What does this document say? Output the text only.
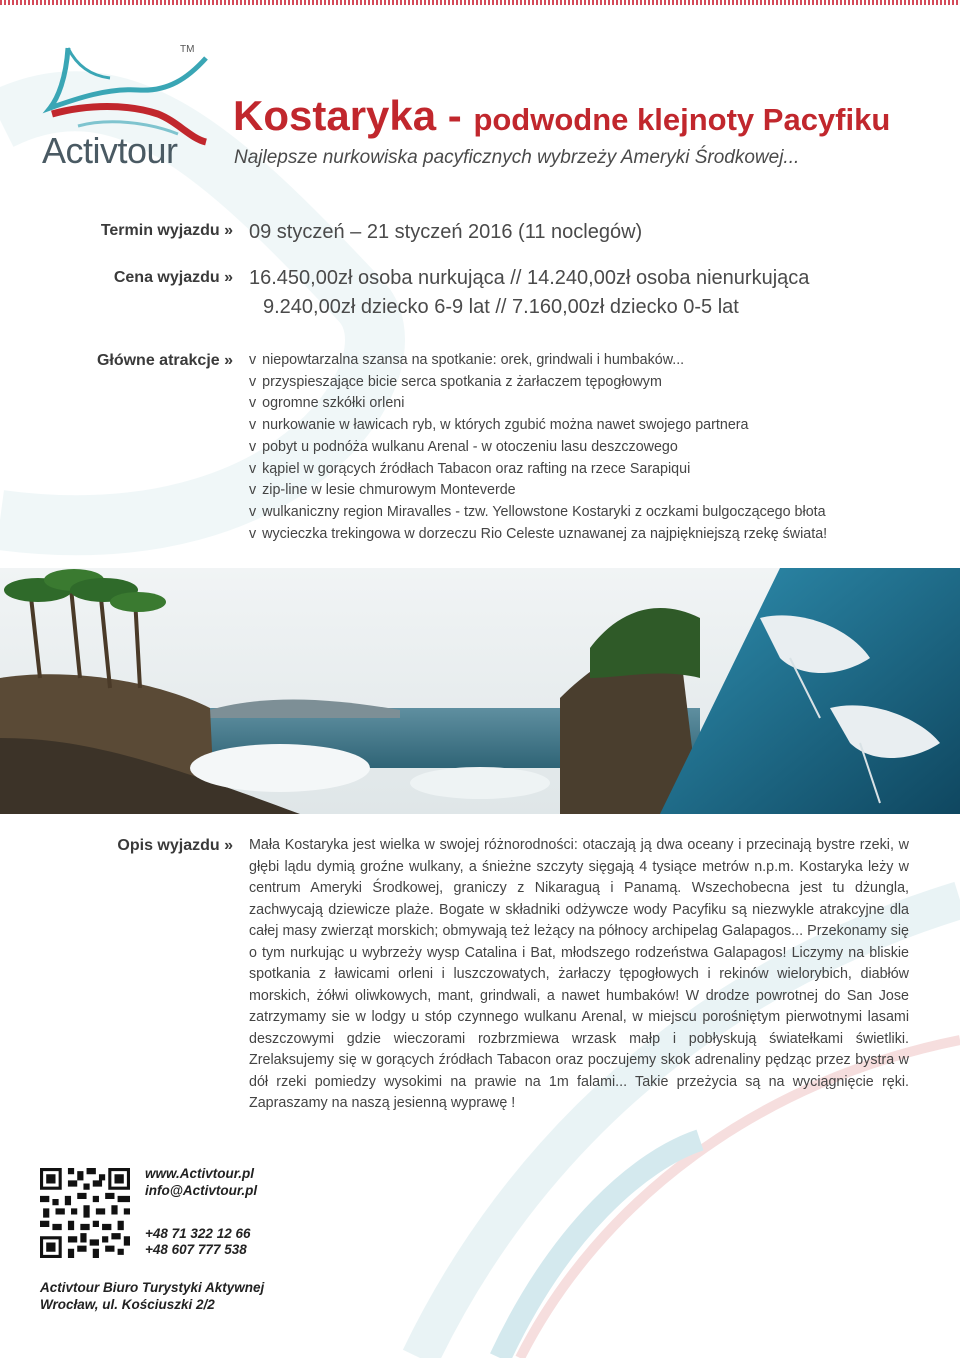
TM
Activtour
Kostaryka - podwodne klejnoty Pacyfiku
Najlepsze nurkowiska pacyficznych wybrzeży Ameryki Środkowej...
Termin wyjazdu » 09 styczeń – 21 styczeń 2016 (11 noclegów)
Cena wyjazdu » 16.450,00zł osoba nurkująca // 14.240,00zł osoba nienurkująca
9.240,00zł dziecko 6-9 lat // 7.160,00zł dziecko 0-5 lat
Główne atrakcje » v niepowtarzalna szansa na spotkanie: orek, grindwali i humbaków...
v przyspieszające bicie serca spotkania z żarłaczem tępogłowym
v ogromne szkółki orleni
v nurkowanie w ławicach ryb, w których zgubić można nawet swojego partnera
v pobyt u podnóża wulkanu Arenal - w otoczeniu lasu deszczowego
v kąpiel w gorących źródłach Tabacon oraz rafting na rzece Sarapiqui
v zip-line w lesie chmurowym Monteverde
v wulkaniczny region Miravalles - tzw. Yellowstone Kostaryki z oczkami bulgoczącego błota
v wycieczka trekingowa w dorzeczu Rio Celeste uznawanej za najpiękniejszą rzekę świata!
Opis wyjazdu » Mała Kostaryka jest wielka w swojej różnorodności: otaczają ją dwa oceany i przecinają bystre rzeki, w głębi lądu dymią groźne wulkany, a śnieżne szczyty sięgają 4 tysiące metrów n.p.m. Kostaryka leży w centrum Ameryki Środkowej, graniczy z Nikaraguą i Panamą. Wszechobecna jest tu dżungla, zachwycają dziewicze plaże. Bogate w składniki odżywcze wody Pacyfiku są niezwykle atrakcyjne dla całej masy zwierząt morskich; obmywają też leżący na północy archipelag Galapagos... Przekonamy się o tym nurkując u wybrzeży wysp Catalina i Bat, młodszego rodzeństwa Galapagos! Liczymy na bliskie spotkania z ławicami orleni i luszczowatych, żarłaczy tępogłowych i rekinów wielorybich, diabłów morskich, żółwi oliwkowych, mant, grindwali, a nawet humbaków! W drodze powrotnej do San Jose zatrzymamy sie w lodgy u stóp czynnego wulkanu Arenal, w miejscu porośniętym pierwotnymi lasami deszczowymi gdzie wieczorami rozbrzmiewa wrzask małp i pobłyskują światełkami świetliki. Zrelaksujemy się w gorących źródłach Tabacon oraz poczujemy skok adrenaliny pędząc przez bystra w dół rzeki pomiedzy wysokimi na prawie na 1m falami... Takie przeżycia są na wyciągnięcie ręki. Zapraszamy na naszą jesienną wyprawę !
www.Activtour.pl
info@Activtour.pl
+48 71 322 12 66
+48 607 777 538
Activtour Biuro Turystyki Aktywnej
Wrocław, ul. Kościuszki 2/2
